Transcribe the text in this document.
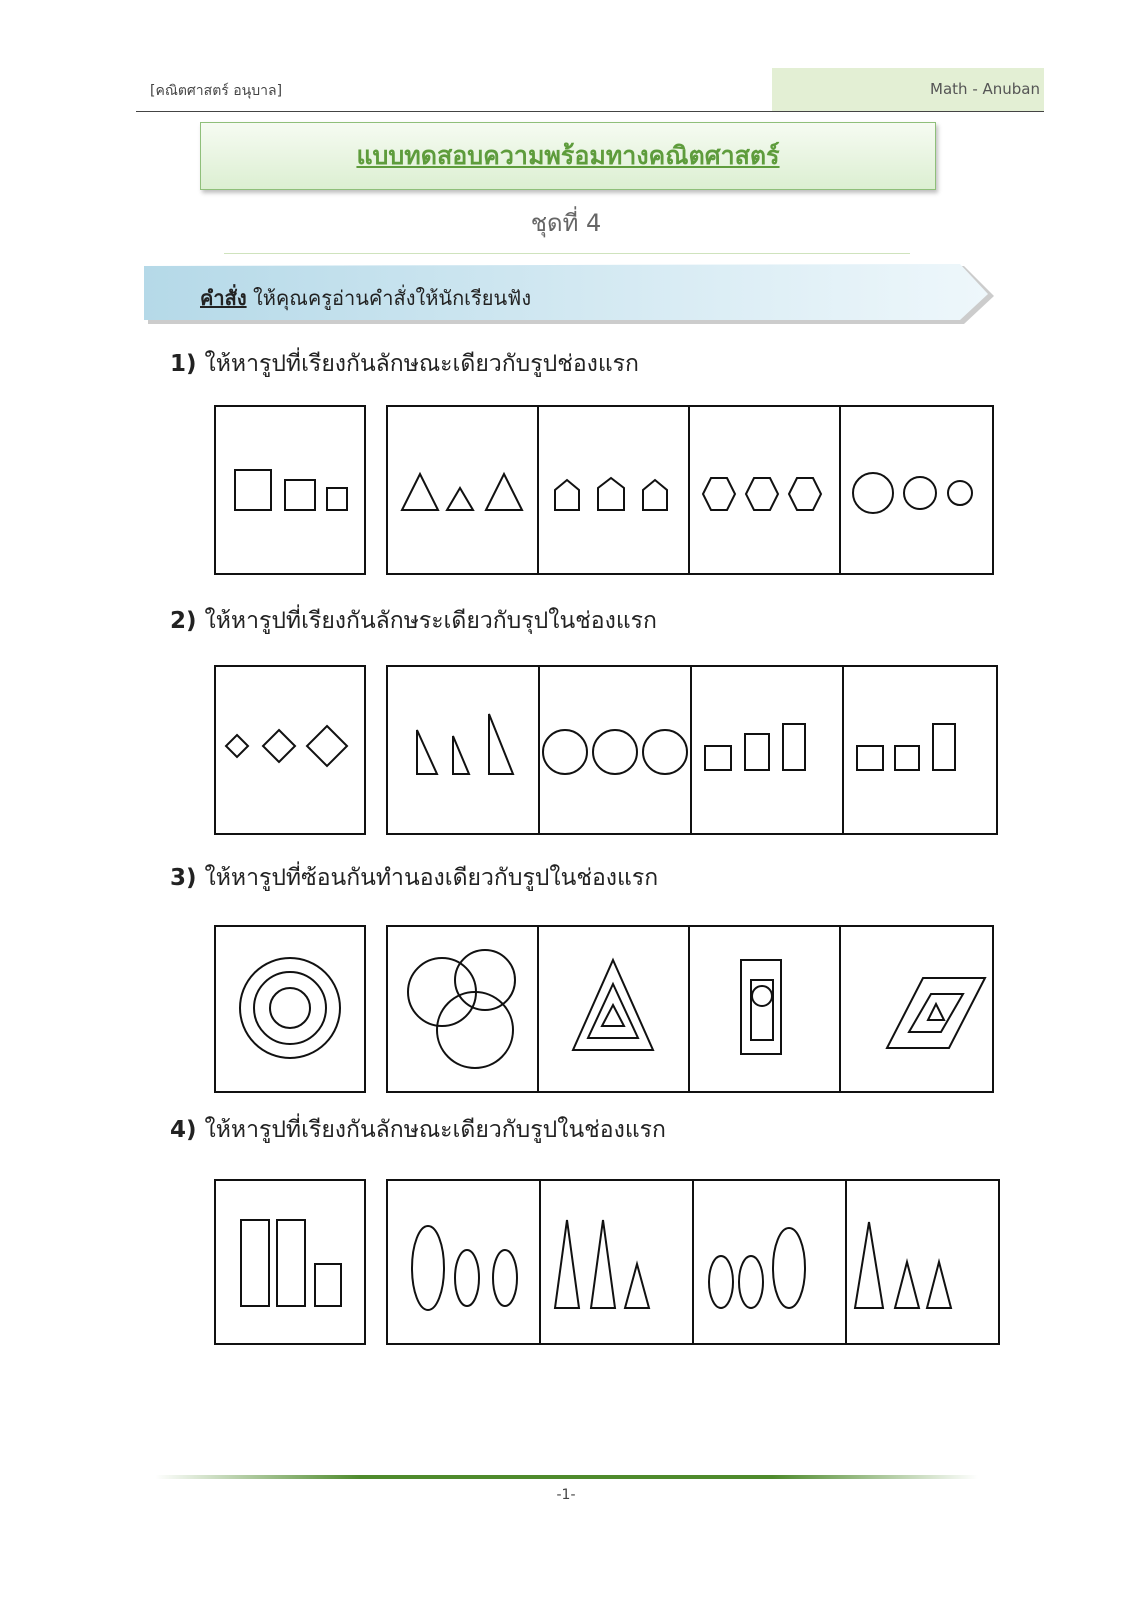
[คณิตศาสตร์ อนุบาล]	Math - Anuban
แบบทดสอบความพร้อมทางคณิตศาสตร์
ชุดที่ 4
คำสั่ง ให้คุณครูอ่านคำสั่งให้นักเรียนฟัง
1) ให้หารูปที่เรียงกันลักษณะเดียวกับรูปช่องแรก
2) ให้หารูปที่เรียงกันลักษระเดียวกับรุปในช่องแรก
3) ให้หารูปที่ซ้อนกันทำนองเดียวกับรูปในช่องแรก
4) ให้หารูปที่เรียงกันลักษณะเดียวกับรูปในช่องแรก
-1-
